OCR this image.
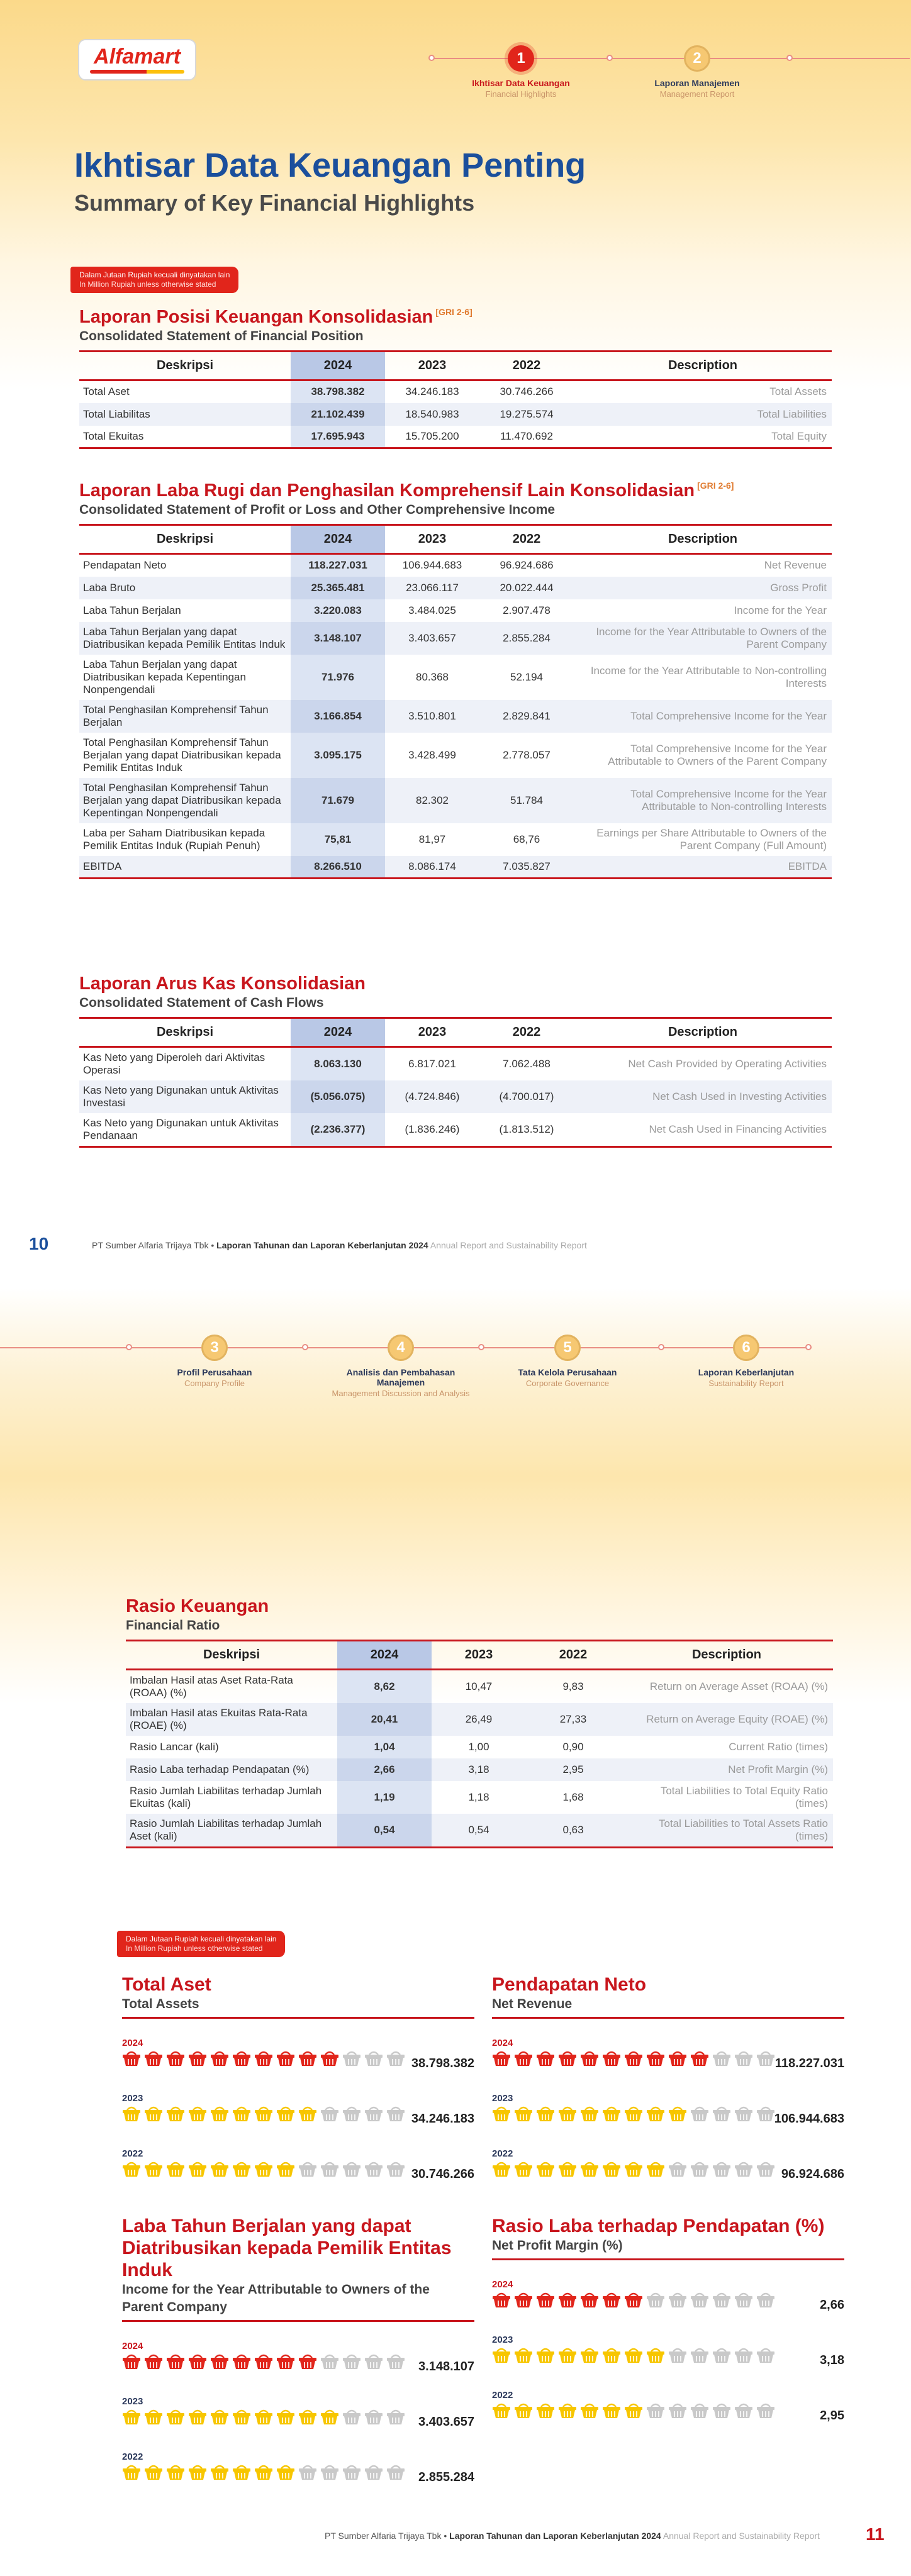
Alfamart	1
Ikhtisar Data Keuangan
Financial Highlights
2
Laporan Manajemen
Management Report
Ikhtisar Data Keuangan Penting
Summary of Key Financial Highlights
Dalam Jutaan Rupiah kecuali dinyatakan lain
In Million Rupiah unless otherwise stated
Laporan Posisi Keuangan Konsolidasian [GRI 2-6]
Consolidated Statement of Financial Position
Deskripsi	2024	2023	2022	Description
Total Aset	38.798.382	34.246.183	30.746.266	Total Assets
Total Liabilitas	21.102.439	18.540.983	19.275.574	Total Liabilities
Total Ekuitas	17.695.943	15.705.200	11.470.692	Total Equity
Laporan Laba Rugi dan Penghasilan Komprehensif Lain Konsolidasian [GRI 2-6]
Consolidated Statement of Profit or Loss and Other Comprehensive Income
Deskripsi	2024	2023	2022	Description
Pendapatan Neto	118.227.031	106.944.683	96.924.686	Net Revenue
Laba Bruto	25.365.481	23.066.117	20.022.444	Gross Profit
Laba Tahun Berjalan	3.220.083	3.484.025	2.907.478	Income for the Year
Laba Tahun Berjalan yang dapat Diatribusikan kepada Pemilik Entitas Induk	3.148.107	3.403.657	2.855.284	Income for the Year Attributable to Owners of the Parent Company
Laba Tahun Berjalan yang dapat Diatribusikan kepada Kepentingan Nonpengendali	71.976	80.368	52.194	Income for the Year Attributable to Non-controlling Interests
Total Penghasilan Komprehensif Tahun Berjalan	3.166.854	3.510.801	2.829.841	Total Comprehensive Income for the Year
Total Penghasilan Komprehensif Tahun Berjalan yang dapat Diatribusikan kepada Pemilik Entitas Induk	3.095.175	3.428.499	2.778.057	Total Comprehensive Income for the Year Attributable to Owners of the Parent Company
Total Penghasilan Komprehensif Tahun Berjalan yang dapat Diatribusikan kepada Kepentingan Nonpengendali	71.679	82.302	51.784	Total Comprehensive Income for the Year Attributable to Non-controlling Interests
Laba per Saham Diatribusikan kepada Pemilik Entitas Induk (Rupiah Penuh)	75,81	81,97	68,76	Earnings per Share Attributable to Owners of the Parent Company (Full Amount)
EBITDA	8.266.510	8.086.174	7.035.827	EBITDA
Laporan Arus Kas Konsolidasian
Consolidated Statement of Cash Flows
Deskripsi	2024	2023	2022	Description
Kas Neto yang Diperoleh dari Aktivitas Operasi	8.063.130	6.817.021	7.062.488	Net Cash Provided by Operating Activities
Kas Neto yang Digunakan untuk Aktivitas Investasi	(5.056.075)	(4.724.846)	(4.700.017)	Net Cash Used in Investing Activities
Kas Neto yang Digunakan untuk Aktivitas Pendanaan	(2.236.377)	(1.836.246)	(1.813.512)	Net Cash Used in Financing Activities
10	PT Sumber Alfaria Trijaya Tbk • Laporan Tahunan dan Laporan Keberlanjutan 2024 Annual Report and Sustainability Report
3
Profil Perusahaan
Company Profile
4
Analisis dan Pembahasan Manajemen
Management Discussion and Analysis
5
Tata Kelola Perusahaan
Corporate Governance
6
Laporan Keberlanjutan
Sustainability Report
Rasio Keuangan
Financial Ratio
Deskripsi	2024	2023	2022	Description
Imbalan Hasil atas Aset Rata-Rata (ROAA) (%)	8,62	10,47	9,83	Return on Average Asset (ROAA) (%)
Imbalan Hasil atas Ekuitas Rata-Rata (ROAE) (%)	20,41	26,49	27,33	Return on Average Equity (ROAE) (%)
Rasio Lancar (kali)	1,04	1,00	0,90	Current Ratio (times)
Rasio Laba terhadap Pendapatan (%)	2,66	3,18	2,95	Net Profit Margin (%)
Rasio Jumlah Liabilitas terhadap Jumlah Ekuitas (kali)	1,19	1,18	1,68	Total Liabilities to Total Equity Ratio (times)
Rasio Jumlah Liabilitas terhadap Jumlah Aset (kali)	0,54	0,54	0,63	Total Liabilities to Total Assets Ratio (times)
Dalam Jutaan Rupiah kecuali dinyatakan lain
In Million Rupiah unless otherwise stated
Total Aset
Total Assets
2024
38.798.382
2023
34.246.183
2022
30.746.266
Pendapatan Neto
Net Revenue
2024
118.227.031
2023
106.944.683
2022
96.924.686
Laba Tahun Berjalan yang dapat Diatribusikan kepada Pemilik Entitas Induk
Income for the Year Attributable to Owners of the Parent Company
2024
3.148.107
2023
3.403.657
2022
2.855.284
Rasio Laba terhadap Pendapatan (%)
Net Profit Margin (%)
2024
2,66
2023
3,18
2022
2,95
PT Sumber Alfaria Trijaya Tbk • Laporan Tahunan dan Laporan Keberlanjutan 2024 Annual Report and Sustainability Report	11
